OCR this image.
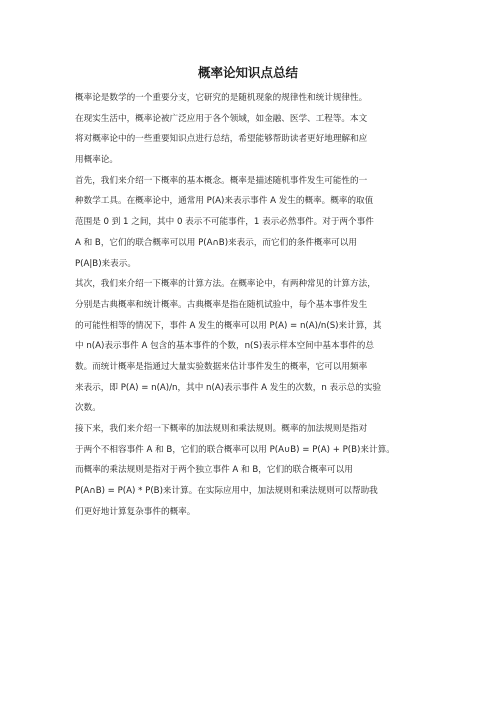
概率论知识点总结
概率论是数学的一个重要分支，它研究的是随机现象的规律性和统计规律性。
在现实生活中，概率论被广泛应用于各个领域，如金融、医学、工程等。本文
将对概率论中的一些重要知识点进行总结，希望能够帮助读者更好地理解和应
用概率论。
首先，我们来介绍一下概率的基本概念。概率是描述随机事件发生可能性的一
种数学工具。在概率论中，通常用 P(A)来表示事件 A 发生的概率。概率的取值
范围是 0 到 1 之间，其中 0 表示不可能事件，1 表示必然事件。对于两个事件
A 和 B，它们的联合概率可以用 P(A∩B)来表示，而它们的条件概率可以用
P(A|B)来表示。
其次，我们来介绍一下概率的计算方法。在概率论中，有两种常见的计算方法，
分别是古典概率和统计概率。古典概率是指在随机试验中，每个基本事件发生
的可能性相等的情况下，事件 A 发生的概率可以用 P(A) = n(A)/n(S)来计算，其
中 n(A)表示事件 A 包含的基本事件的个数，n(S)表示样本空间中基本事件的总
数。而统计概率是指通过大量实验数据来估计事件发生的概率，它可以用频率
来表示，即 P(A) = n(A)/n，其中 n(A)表示事件 A 发生的次数，n 表示总的实验
次数。
接下来，我们来介绍一下概率的加法规则和乘法规则。概率的加法规则是指对
于两个不相容事件 A 和 B，它们的联合概率可以用 P(A∪B) = P(A) + P(B)来计算。
而概率的乘法规则是指对于两个独立事件 A 和 B，它们的联合概率可以用
P(A∩B) = P(A) * P(B)来计算。在实际应用中，加法规则和乘法规则可以帮助我
们更好地计算复杂事件的概率。
